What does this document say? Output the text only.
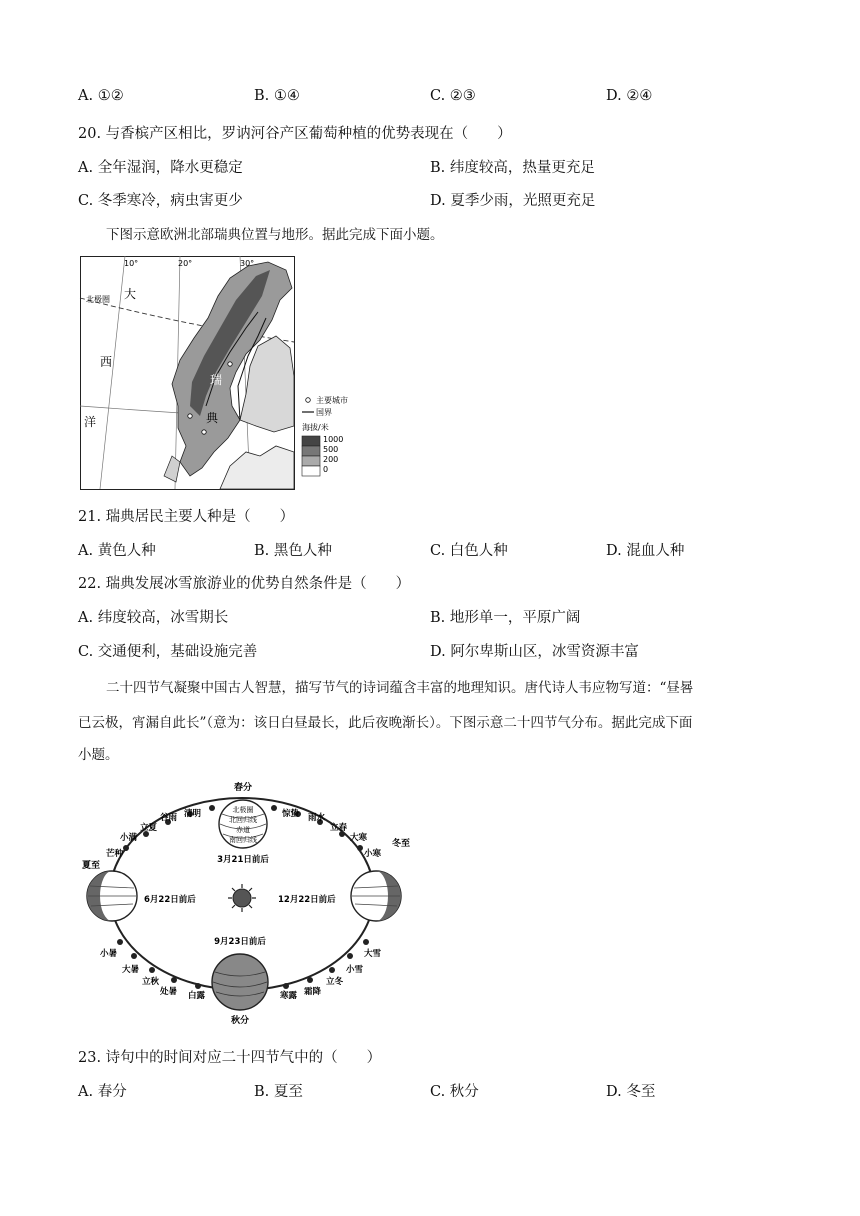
A. ①②	B. ①④	C. ②③	D. ②④
20. 与香槟产区相比，罗讷河谷产区葡萄种植的优势表现在（　　）
A. 全年湿润，降水更稳定	B. 纬度较高，热量更充足
C. 冬季寒冷，病虫害更少	D. 夏季少雨，光照更充足
下图示意欧洲北部瑞典位置与地形。据此完成下面小题。
10°	20°	30°
北极圈 大
西
洋
瑞
典
主要城市
国界
海拔/米
1000
500
200
0
21. 瑞典居民主要人种是（　　）
A. 黄色人种	B. 黑色人种	C. 白色人种	D. 混血人种
22. 瑞典发展冰雪旅游业的优势自然条件是（　　）
A. 纬度较高，冰雪期长	B. 地形单一，平原广阔
C. 交通便利，基础设施完善	D. 阿尔卑斯山区，冰雪资源丰富
二十四节气凝聚中国古人智慧，描写节气的诗词蕴含丰富的地理知识。唐代诗人韦应物写道：“昼晷
已云极，宵漏自此长”（意为：该日白昼最长，此后夜晚渐长）。下图示意二十四节气分布。据此完成下面
小题。
北极圈
北回归线
赤道
南回归线
春分
3月21日前后
夏至
6月22日前后
冬至
12月22日前后
9月23日前后
秋分
谷雨 清明
立夏
小满
芒种
惊蛰 雨水
立春
大寒
小寒
小暑
大暑
立秋
处暑 白露
大雪
小雪
立冬
霜降
寒露
23. 诗句中的时间对应二十四节气中的（　　）
A. 春分	B. 夏至	C. 秋分	D. 冬至
